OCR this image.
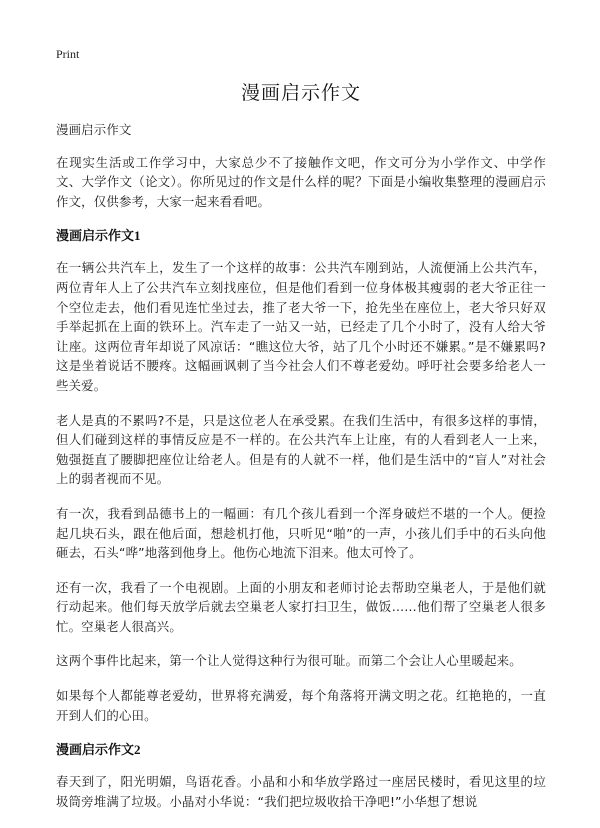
Print
漫画启示作文

漫画启示作文

在现实生活或工作学习中，大家总少不了接触作文吧，作文可分为小学作文、中学作文、大学作文（论文）。你所见过的作文是什么样的呢？下面是小编收集整理的漫画启示作文，仅供参考，大家一起来看看吧。

漫画启示作文1

在一辆公共汽车上，发生了一个这样的故事：公共汽车刚到站，人流便涌上公共汽车，两位青年人上了公共汽车立刻找座位，但是他们看到一位身体极其瘦弱的老大爷正往一个空位走去，他们看见连忙坐过去，推了老大爷一下，抢先坐在座位上，老大爷只好双手举起抓在上面的铁环上。汽车走了一站又一站，已经走了几个小时了，没有人给大爷让座。这两位青年却说了风凉话：“瞧这位大爷，站了几个小时还不嫌累。”是不嫌累吗?这是坐着说话不腰疼。这幅画讽刺了当今社会人们不尊老爱幼。呼吁社会要多给老人一些关爱。

老人是真的不累吗?不是，只是这位老人在承受累。在我们生活中，有很多这样的事情，但人们碰到这样的事情反应是不一样的。在公共汽车上让座，有的人看到老人一上来，勉强挺直了腰脚把座位让给老人。但是有的人就不一样，他们是生活中的“盲人”对社会上的弱者视而不见。

有一次，我看到品德书上的一幅画：有几个孩儿看到一个浑身破烂不堪的一个人。便捡起几块石头，跟在他后面，想趁机打他，只听见“啪”的一声，小孩儿们手中的石头向他砸去，石头“哗”地落到他身上。他伤心地流下泪来。他太可怜了。

还有一次，我看了一个电视剧。上面的小朋友和老师讨论去帮助空巢老人，于是他们就行动起来。他们每天放学后就去空巢老人家打扫卫生，做饭……他们帮了空巢老人很多忙。空巢老人很高兴。

这两个事件比起来，第一个让人觉得这种行为很可耻。而第二个会让人心里暖起来。

如果每个人都能尊老爱幼，世界将充满爱，每个角落将开满文明之花。红艳艳的，一直开到人们的心田。

漫画启示作文2

春天到了，阳光明媚，鸟语花香。小晶和小和华放学路过一座居民楼时，看见这里的垃圾筒旁堆满了垃圾。小晶对小华说：“我们把垃圾收拾干净吧!”小华想了想说
